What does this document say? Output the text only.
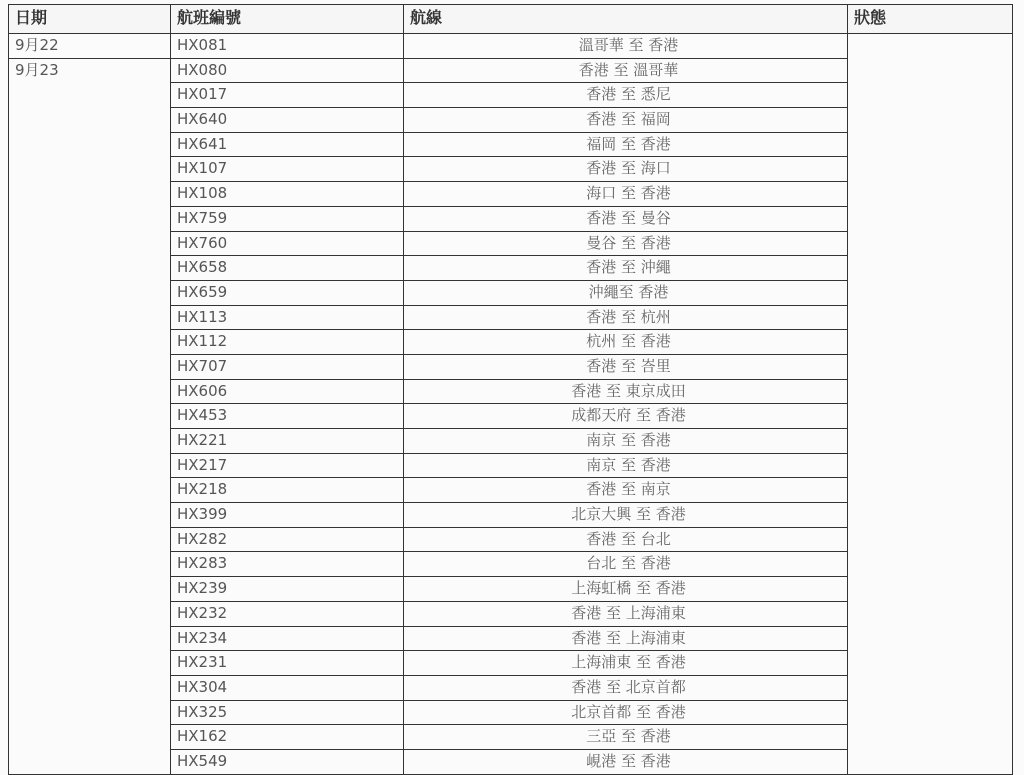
日期	航班編號	航線	狀態
9月22	HX081	溫哥華 至 香港	
9月23	HX080	香港 至 溫哥華	
	HX017	香港 至 悉尼	
	HX640	香港 至 福岡	
	HX641	福岡 至 香港	
	HX107	香港 至 海口	
	HX108	海口 至 香港	
	HX759	香港 至 曼谷	
	HX760	曼谷 至 香港	
	HX658	香港 至 沖繩	
	HX659	沖繩至 香港	
	HX113	香港 至 杭州	
	HX112	杭州 至 香港	
	HX707	香港 至 峇里	
	HX606	香港 至 東京成田	
	HX453	成都天府 至 香港	
	HX221	南京 至 香港	
	HX217	南京 至 香港	
	HX218	香港 至 南京	
	HX399	北京大興 至 香港	
	HX282	香港 至 台北	
	HX283	台北 至 香港	
	HX239	上海虹橋 至 香港	
	HX232	香港 至 上海浦東	
	HX234	香港 至 上海浦東	
	HX231	上海浦東 至 香港	
	HX304	香港 至 北京首都	
	HX325	北京首都 至 香港	
	HX162	三亞 至 香港	
	HX549	峴港 至 香港	
